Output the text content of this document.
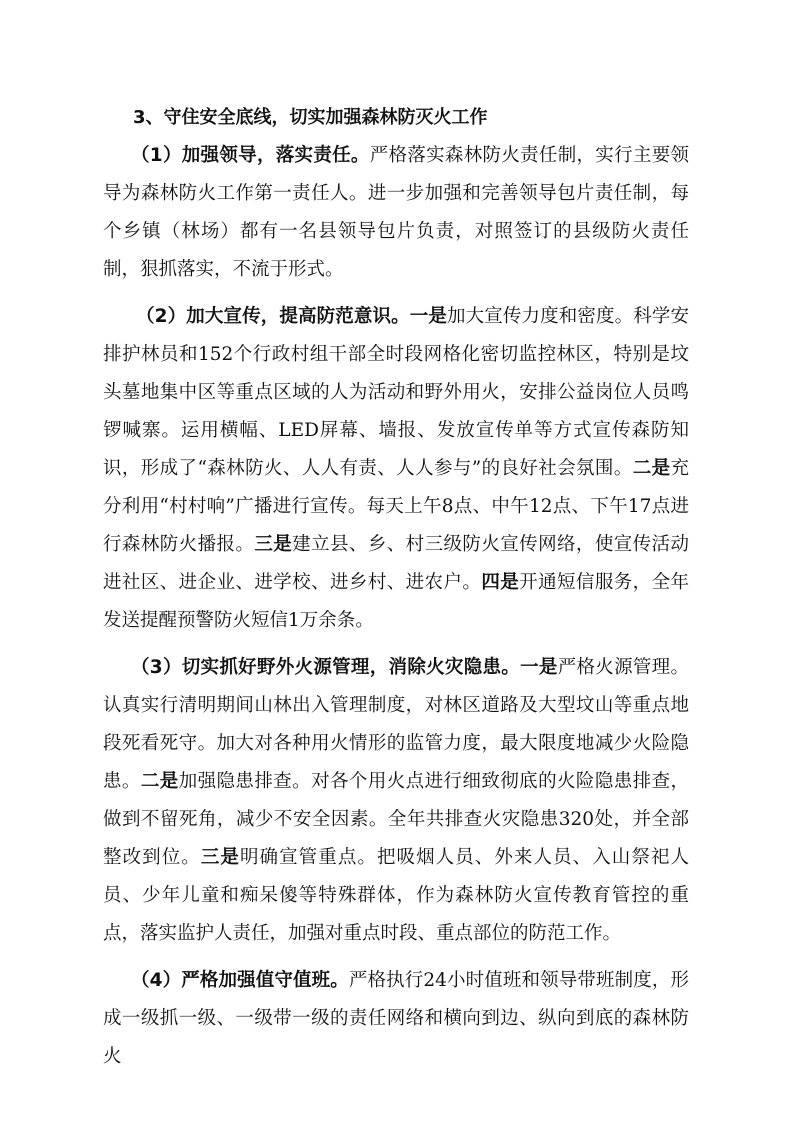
3、守住安全底线，切实加强森林防灭火工作

（1）加强领导，落实责任。严格落实森林防火责任制，实行主要领导为森林防火工作第一责任人。进一步加强和完善领导包片责任制，每个乡镇（林场）都有一名县领导包片负责，对照签订的县级防火责任制，狠抓落实，不流于形式。

（2）加大宣传，提高防范意识。一是加大宣传力度和密度。科学安排护林员和152个行政村组干部全时段网格化密切监控林区，特别是坟头墓地集中区等重点区域的人为活动和野外用火，安排公益岗位人员鸣锣喊寨。运用横幅、LED屏幕、墙报、发放宣传单等方式宣传森防知识，形成了“森林防火、人人有责、人人参与”的良好社会氛围。二是充分利用“村村响”广播进行宣传。每天上午8点、中午12点、下午17点进行森林防火播报。三是建立县、乡、村三级防火宣传网络，使宣传活动进社区、进企业、进学校、进乡村、进农户。四是开通短信服务，全年发送提醒预警防火短信1万余条。

（3）切实抓好野外火源管理，消除火灾隐患。一是严格火源管理。认真实行清明期间山林出入管理制度，对林区道路及大型坟山等重点地段死看死守。加大对各种用火情形的监管力度，最大限度地减少火险隐患。二是加强隐患排查。对各个用火点进行细致彻底的火险隐患排查，做到不留死角，减少不安全因素。全年共排查火灾隐患320处，并全部整改到位。三是明确宣管重点。把吸烟人员、外来人员、入山祭祀人员、少年儿童和痴呆傻等特殊群体，作为森林防火宣传教育管控的重点，落实监护人责任，加强对重点时段、重点部位的防范工作。

（4）严格加强值守值班。严格执行24小时值班和领导带班制度，形成一级抓一级、一级带一级的责任网络和横向到边、纵向到底的森林防火
